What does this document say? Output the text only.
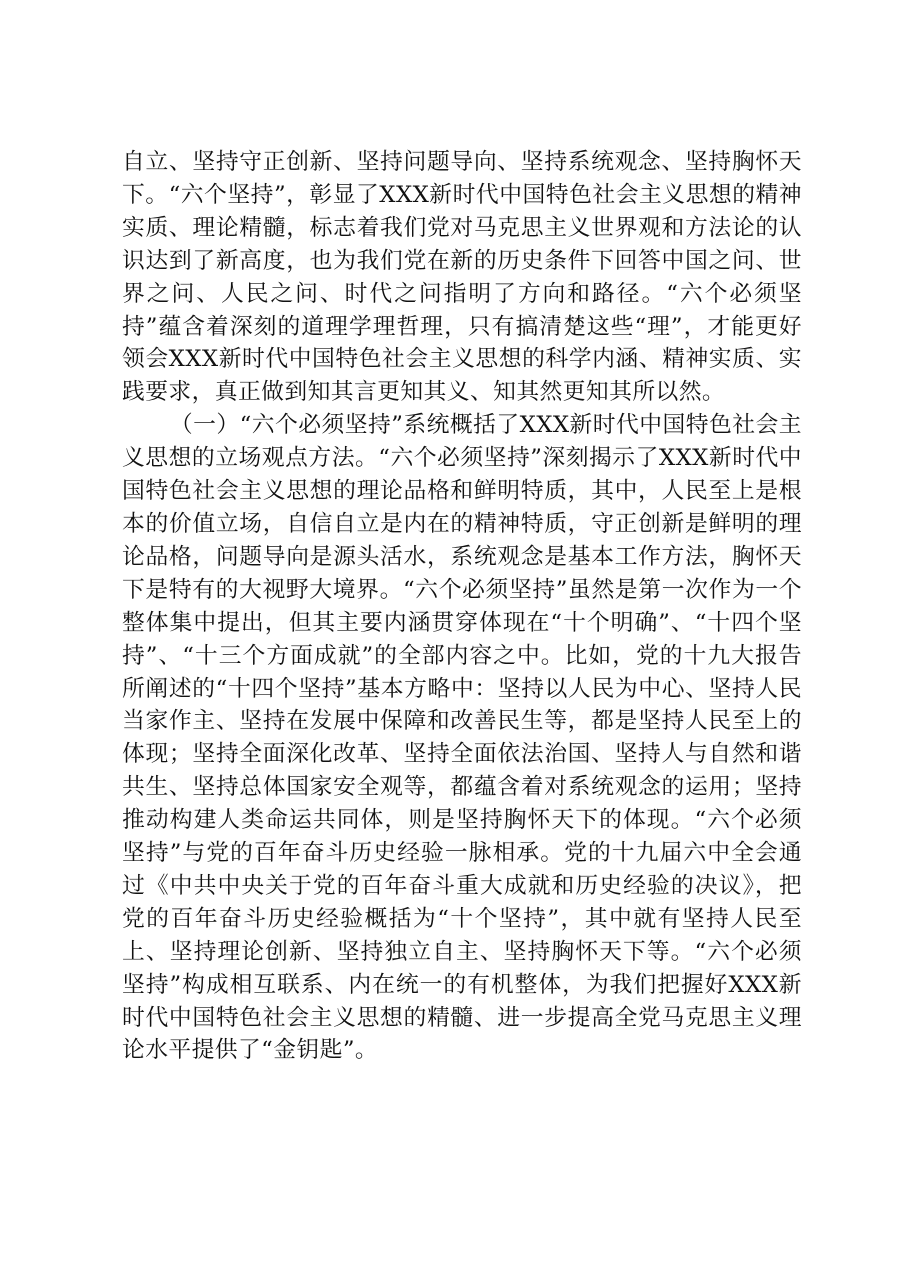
自立、坚持守正创新、坚持问题导向、坚持系统观念、坚持胸怀天下。“六个坚持”，彰显了XXX新时代中国特色社会主义思想的精神实质、理论精髓，标志着我们党对马克思主义世界观和方法论的认识达到了新高度，也为我们党在新的历史条件下回答中国之问、世界之问、人民之问、时代之问指明了方向和路径。“六个必须坚持”蕴含着深刻的道理学理哲理，只有搞清楚这些“理”，才能更好领会XXX新时代中国特色社会主义思想的科学内涵、精神实质、实践要求，真正做到知其言更知其义、知其然更知其所以然。

（一）“六个必须坚持”系统概括了XXX新时代中国特色社会主义思想的立场观点方法。“六个必须坚持”深刻揭示了XXX新时代中国特色社会主义思想的理论品格和鲜明特质，其中，人民至上是根本的价值立场，自信自立是内在的精神特质，守正创新是鲜明的理论品格，问题导向是源头活水，系统观念是基本工作方法，胸怀天下是特有的大视野大境界。“六个必须坚持”虽然是第一次作为一个整体集中提出，但其主要内涵贯穿体现在“十个明确”、“十四个坚持”、“十三个方面成就”的全部内容之中。比如，党的十九大报告所阐述的“十四个坚持”基本方略中：坚持以人民为中心、坚持人民当家作主、坚持在发展中保障和改善民生等，都是坚持人民至上的体现；坚持全面深化改革、坚持全面依法治国、坚持人与自然和谐共生、坚持总体国家安全观等，都蕴含着对系统观念的运用；坚持推动构建人类命运共同体，则是坚持胸怀天下的体现。“六个必须坚持”与党的百年奋斗历史经验一脉相承。党的十九届六中全会通过《中共中央关于党的百年奋斗重大成就和历史经验的决议》，把党的百年奋斗历史经验概括为“十个坚持”，其中就有坚持人民至上、坚持理论创新、坚持独立自主、坚持胸怀天下等。“六个必须坚持”构成相互联系、内在统一的有机整体，为我们把握好XXX新时代中国特色社会主义思想的精髓、进一步提高全党马克思主义理论水平提供了“金钥匙”。
